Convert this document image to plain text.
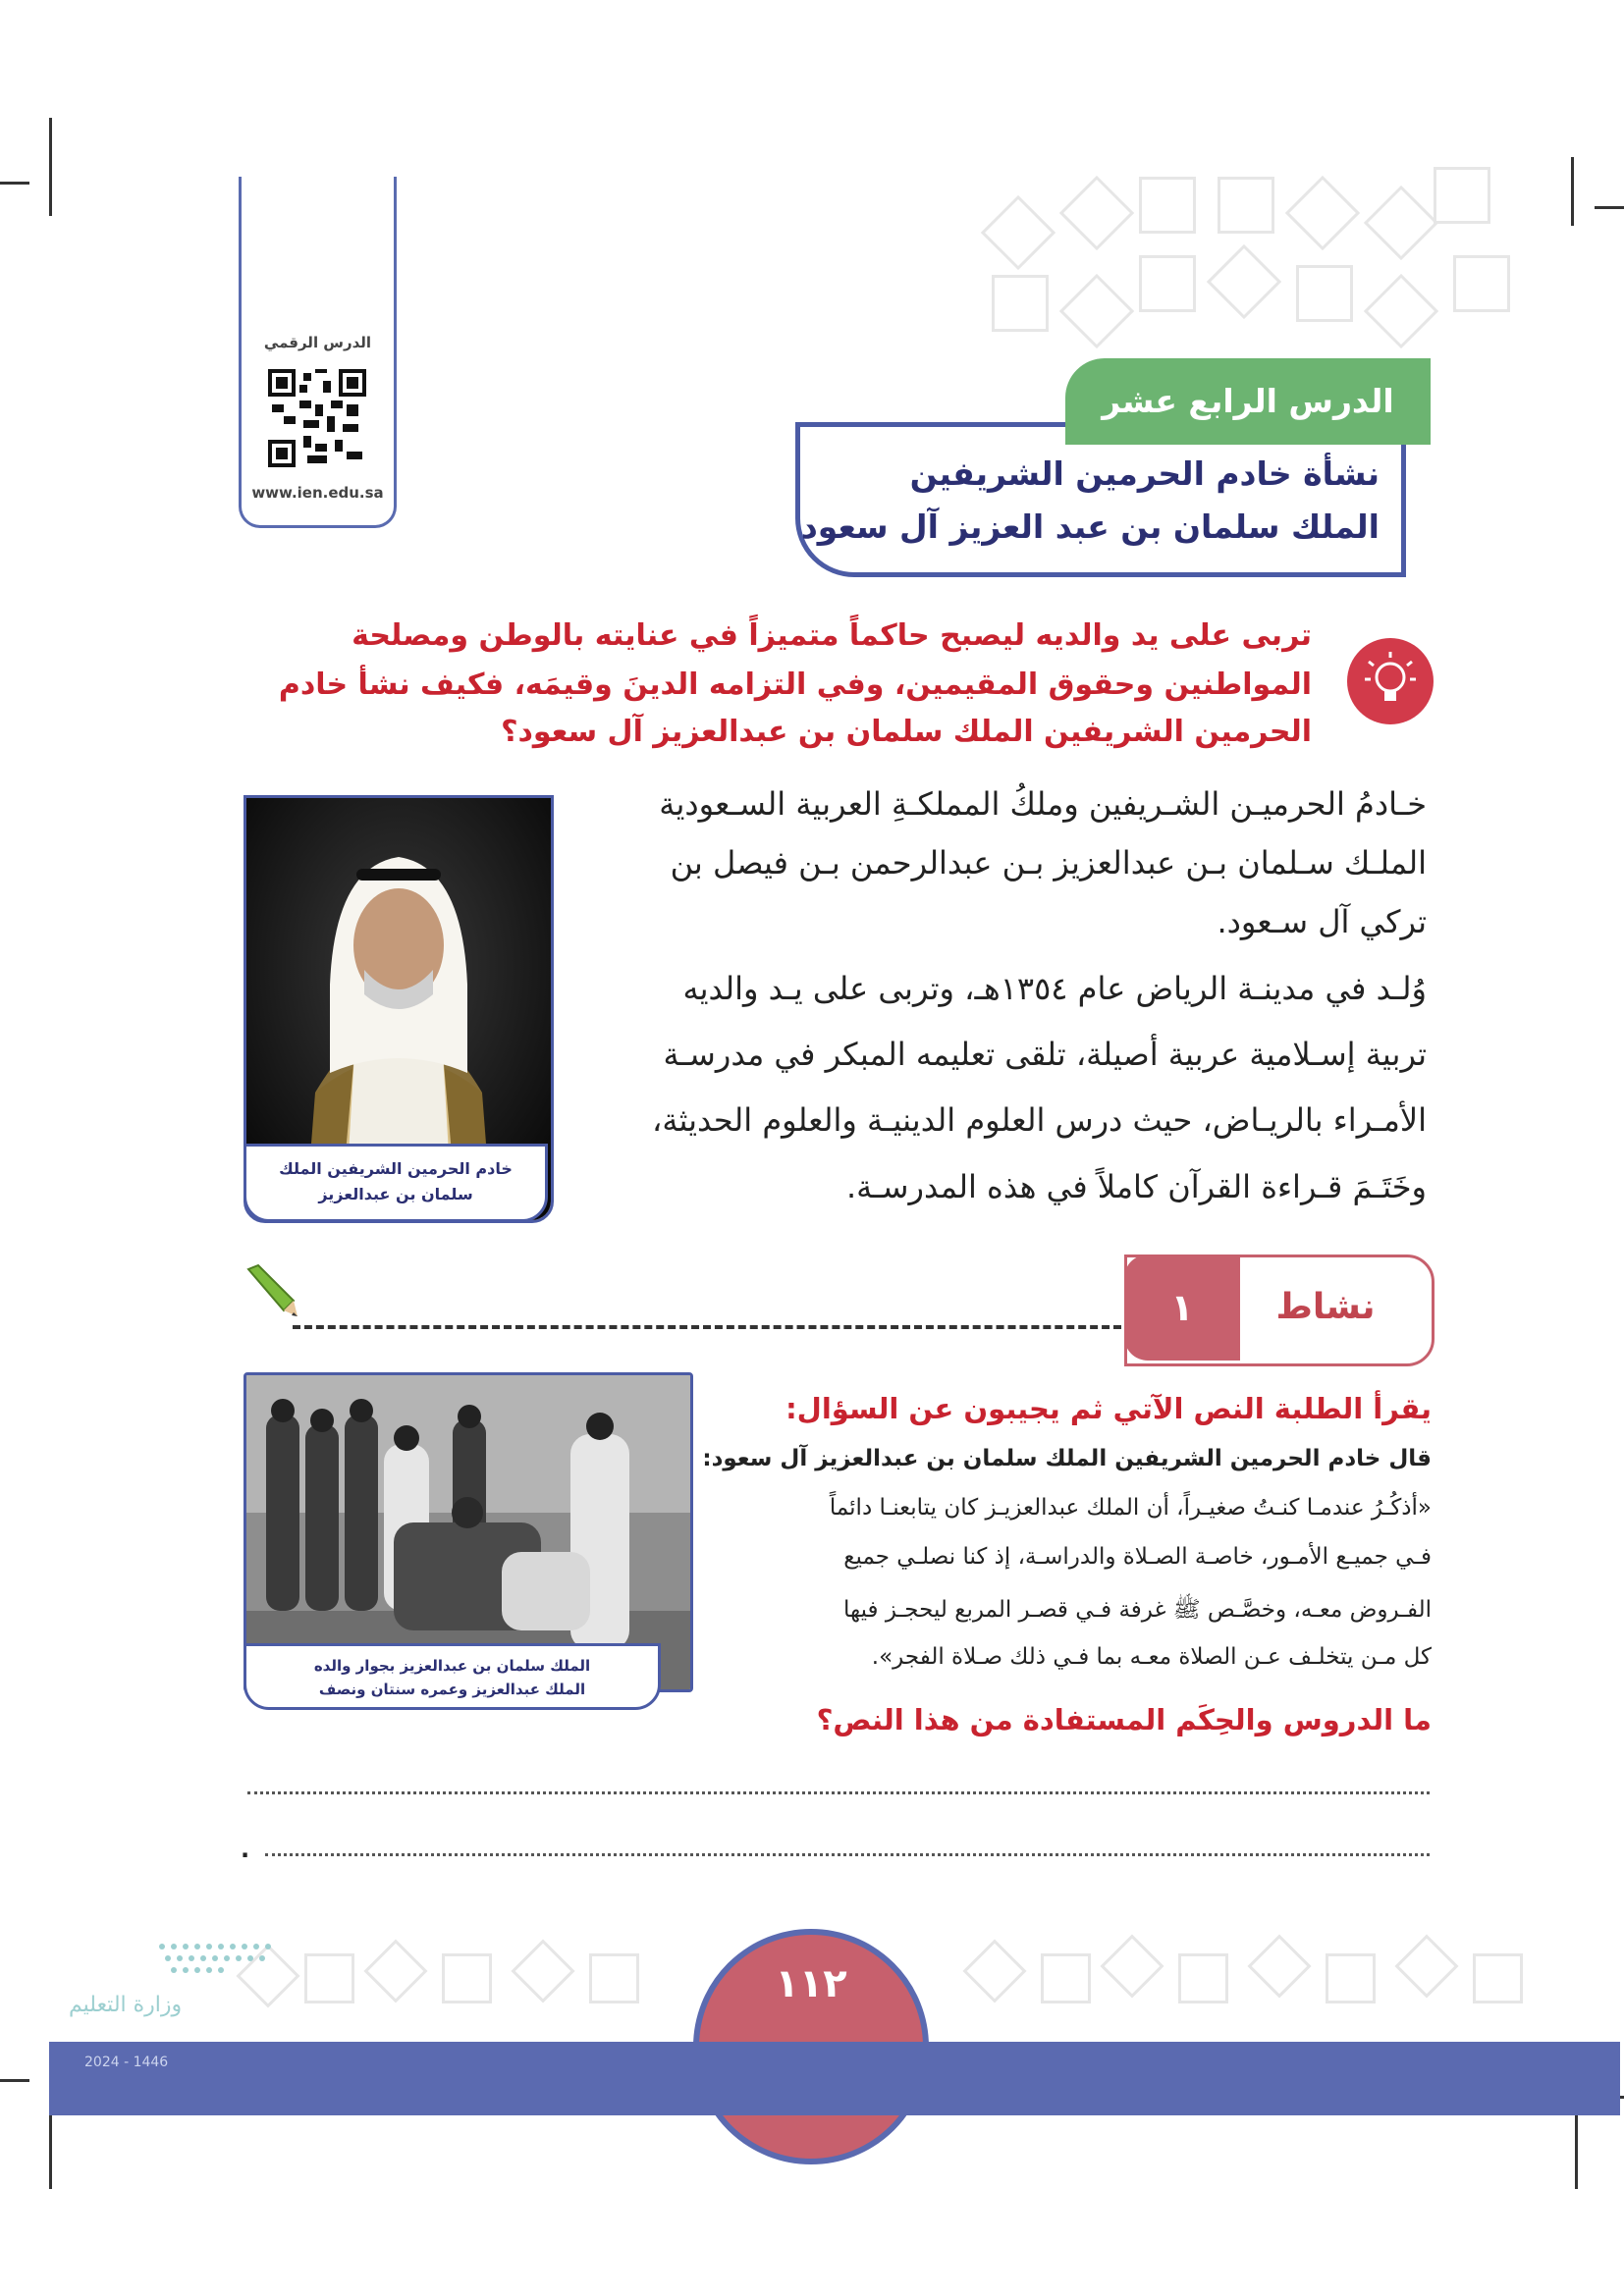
الدرس الرقمي
www.ien.edu.sa	نشأة خادم الحرمين الشريفين
الملك سلمان بن عبد العزيز آل سعود
الدرس الرابع عشر
تربى على يد والديه ليصبح حاكماً متميزاً في عنايته بالوطن ومصلحة
المواطنين وحقوق المقيمين، وفي التزامه الدينَ وقيمَه، فكيف نشأ خادم
الحرمين الشريفين الملك سلمان بن عبدالعزيز آل سعود؟
خـادمُ الحرميـن الشـريفين وملكُ المملكـةِ العربية السـعودية
الملـك سـلمان بـن عبدالعزيز بـن عبدالرحمن بـن فيصل بن
تركي آل سـعود.
وُلـد في مدينـة الرياض عام ١٣٥٤هـ، وتربى على يـد والديه
تربية إسـلامية عربية أصيلة، تلقى تعليمه المبكر في مدرسـة
الأمـراء بالريـاض، حيث درس العلوم الدينيـة والعلوم الحديثة،
وخَتَـمَ قـراءة القرآن كاملاً في هذه المدرسـة.
خادم الحرمين الشريفين الملك
سلمان بن عبدالعزيز
نشاط
١
يقرأ الطلبة النص الآتي ثم يجيبون عن السؤال:
قال خادم الحرمين الشريفين الملك سلمان بن عبدالعزيز آل سعود:
«أذكُـرُ عندمـا كنـتُ صغيـراً، أن الملك عبدالعزيـز كان يتابعنـا دائماً
فـي جميـع الأمـور، خاصـة الصـلاة والدراسـة، إذ كنا نصلـي جميع
الفـروض معـه، وخصَّـص ﷺ غرفة فـي قصـر المربع ليحجـز فيها
كل مـن يتخلـف عـن الصلاة معـه بما فـي ذلك صـلاة الفجر».
ما الدروس والحِكَم المستفادة من هذا النص؟
الملك سلمان بن عبدالعزيز بجوار والده
الملك عبدالعزيز وعمره سنتان ونصف
.
١١٢
وزارة التعليم
2024 - 1446
